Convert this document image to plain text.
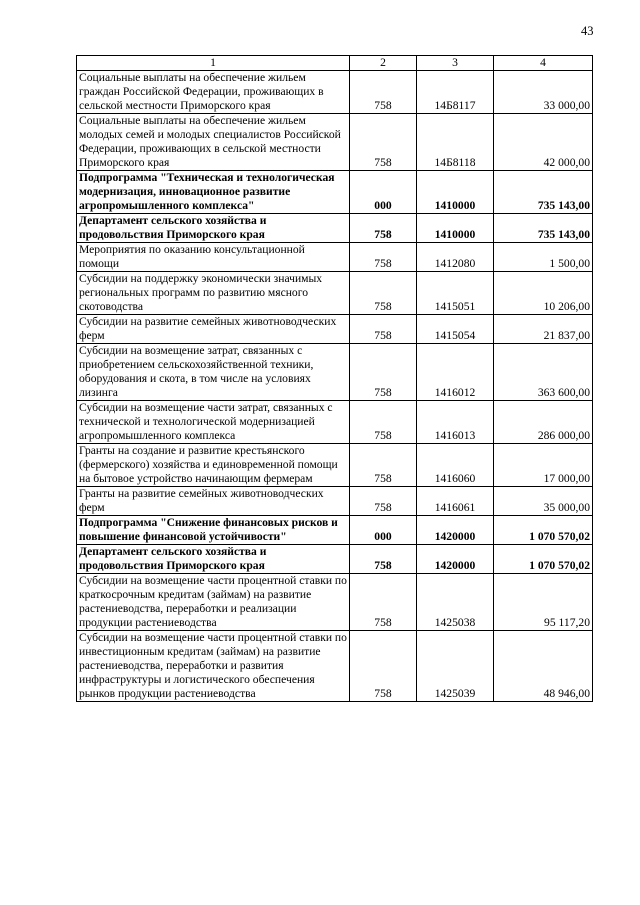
43
1	2	3	4
Социальные выплаты на обеспечение жильем граждан Российской Федерации, проживающих в сельской местности Приморского края	758	14Б8117	33 000,00
Социальные выплаты на обеспечение жильем молодых семей и молодых специалистов Российской Федерации, проживающих в сельской местности Приморского края	758	14Б8118	42 000,00
Подпрограмма "Техническая и технологическая модернизация, инновационное развитие агропромышленного комплекса"	000	1410000	735 143,00
Департамент сельского хозяйства и продовольствия Приморского края	758	1410000	735 143,00
Мероприятия по оказанию консультационной помощи	758	1412080	1 500,00
Субсидии на поддержку экономически значимых региональных программ по развитию мясного скотоводства	758	1415051	10 206,00
Субсидии на развитие семейных животноводческих ферм	758	1415054	21 837,00
Субсидии на возмещение затрат, связанных с приобретением сельскохозяйственной техники, оборудования и скота, в том числе на условиях лизинга	758	1416012	363 600,00
Субсидии на возмещение части затрат, связанных с технической и технологической модернизацией агропромышленного комплекса	758	1416013	286 000,00
Гранты на создание и развитие крестьянского (фермерского) хозяйства и единовременной помощи на бытовое устройство начинающим фермерам	758	1416060	17 000,00
Гранты на развитие семейных животноводческих ферм	758	1416061	35 000,00
Подпрограмма "Снижение финансовых рисков и повышение финансовой устойчивости"	000	1420000	1 070 570,02
Департамент сельского хозяйства и продовольствия Приморского края	758	1420000	1 070 570,02
Субсидии на возмещение части процентной ставки по краткосрочным кредитам (займам) на развитие растениеводства, переработки и реализации продукции растениеводства	758	1425038	95 117,20
Субсидии на возмещение части процентной ставки по инвестиционным кредитам (займам) на развитие растениеводства, переработки и развития инфраструктуры и логистического обеспечения рынков продукции растениеводства	758	1425039	48 946,00
